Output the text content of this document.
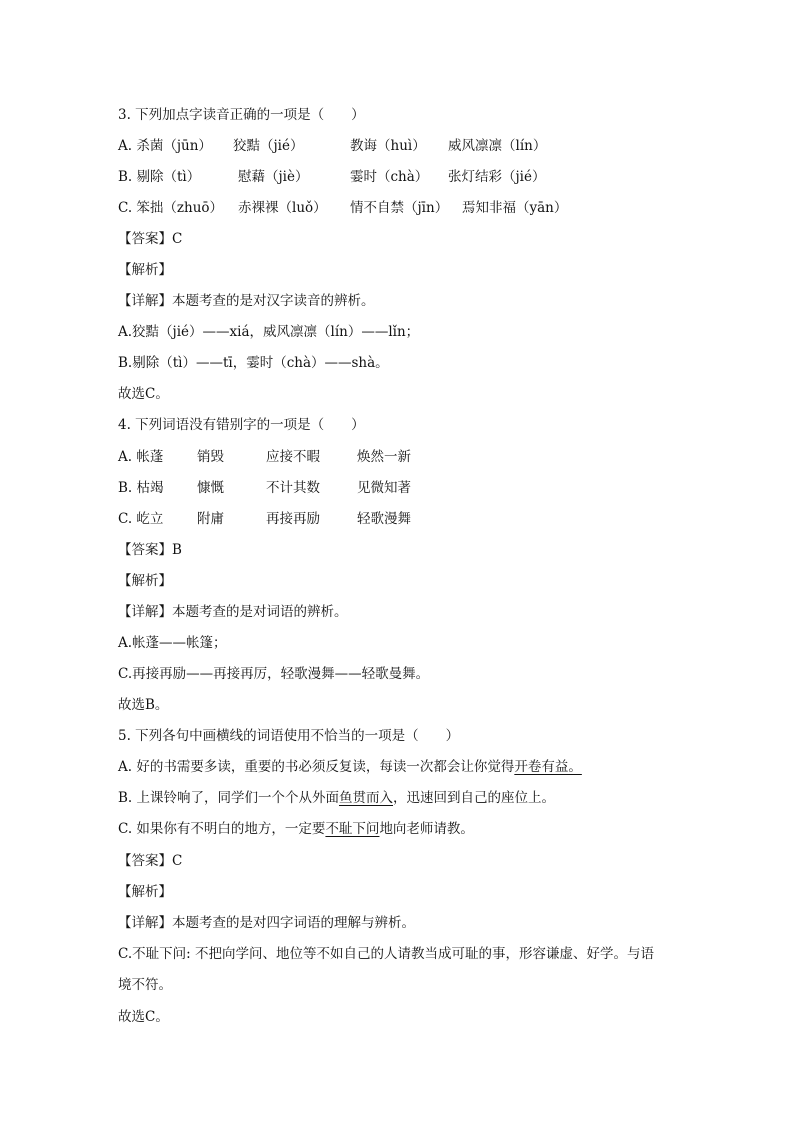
3. 下列加点字读音正确的一项是（　　）
A. 杀菌（jūn） 狡黠（jié）	教诲（huì） 威风凛凛（lín）
B. 剔除（tì）	慰藉（jiè）	霎时（chà） 张灯结彩（jié）
C. 笨拙（zhuō） 赤裸裸（luǒ） 情不自禁（jīn） 焉知非福（yān）
【答案】C
【解析】
【详解】本题考查的是对汉字读音的辨析。
A.狡黠（jié）——xiá，威风凛凛（lín）——lǐn；
B.剔除（tì）——tī，霎时（chà）——shà。
故选C。
4. 下列词语没有错别字的一项是（　　）
A. 帐蓬 销毁	应接不暇	焕然一新
B. 枯竭 慷慨	不计其数	见微知著
C. 屹立 附庸	再接再励	轻歌漫舞
【答案】B
【解析】
【详解】本题考查的是对词语的辨析。
A.帐蓬——帐篷；
C.再接再励——再接再厉，轻歌漫舞——轻歌曼舞。
故选B。
5. 下列各句中画横线的词语使用不恰当的一项是（　　）
A. 好的书需要多读，重要的书必须反复读，每读一次都会让你觉得开卷有益。
B. 上课铃响了，同学们一个个从外面鱼贯而入，迅速回到自己的座位上。
C. 如果你有不明白的地方，一定要不耻下问地向老师请教。
【答案】C
【解析】
【详解】本题考查的是对四字词语的理解与辨析。
C.不耻下问: 不把向学问、地位等不如自己的人请教当成可耻的事，形容谦虚、好学。与语
境不符。
故选C。
